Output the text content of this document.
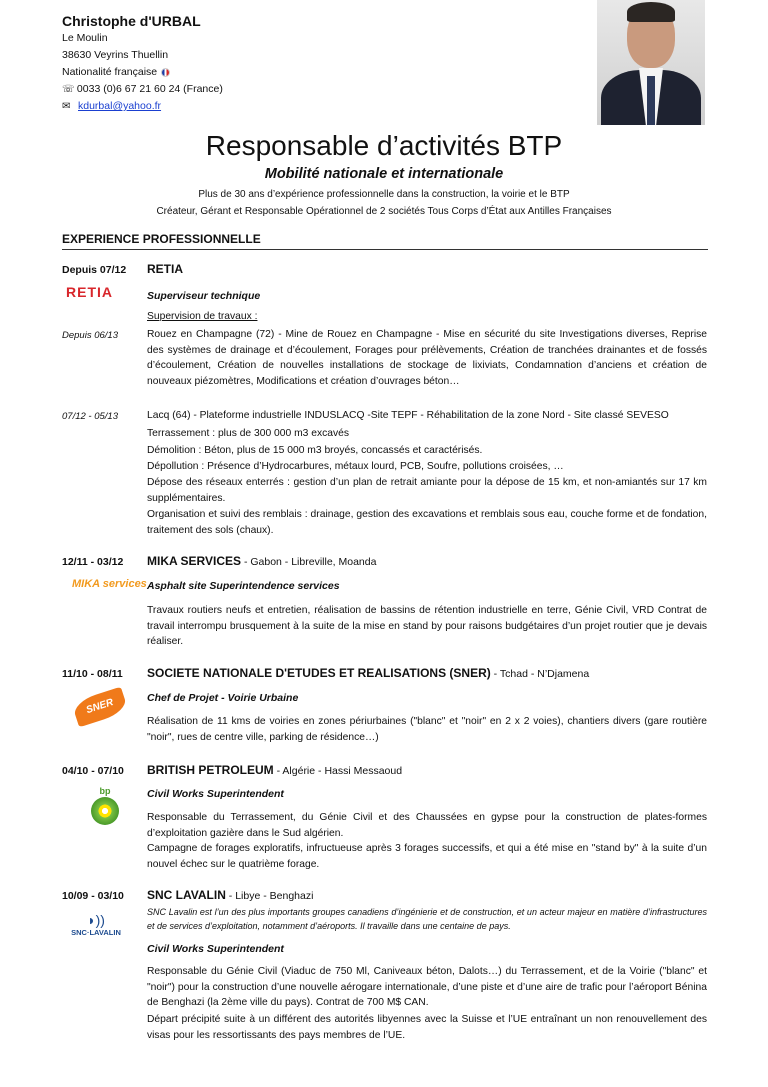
Christophe d'URBAL
Le Moulin
38630 Veyrins Thuellin
Nationalité française
☏ 0033 (0)6 67 21 60 24 (France)
✉ kdurbal@yahoo.fr
Responsable d’activités BTP
Mobilité nationale et internationale
Plus de 30 ans d’expérience professionnelle dans la construction, la voirie et le BTP
Créateur, Gérant et Responsable Opérationnel de 2 sociétés Tous Corps d’État aux Antilles Françaises
EXPERIENCE PROFESSIONNELLE
Depuis 07/12 RETIA
RETIA	Superviseur technique
Supervision de travaux :
Depuis 06/13	Rouez en Champagne (72) - Mine de Rouez en Champagne - Mise en sécurité du site Investigations diverses, Reprise des systèmes de drainage et d’écoulement, Forages pour prélèvements, Création de tranchées drainantes et de fossés d’écoulement, Création de nouvelles installations de stockage de lixiviats, Condamnation d’anciens et création de nouveaux piézomètres, Modifications et création d’ouvrages béton…
07/12 - 05/13	Lacq (64) - Plateforme industrielle INDUSLACQ -Site TEPF - Réhabilitation de la zone Nord - Site classé SEVESO
Terrassement : plus de 300 000 m3 excavés
Démolition : Béton, plus de 15 000 m3 broyés, concassés et caractérisés.
Dépollution : Présence d’Hydrocarbures, métaux lourd, PCB, Soufre, pollutions croisées, …
Dépose des réseaux enterrés : gestion d’un plan de retrait amiante pour la dépose de 15 km, et non-amiantés sur 17 km supplémentaires.
Organisation et suivi des remblais : drainage, gestion des excavations et remblais sous eau, couche forme et de fondation, traitement des sols (chaux).
12/11 - 03/12 MIKA SERVICES - Gabon - Libreville, Moanda
MIKA services Asphalt site Superintendence services
Travaux routiers neufs et entretien, réalisation de bassins de rétention industrielle en terre, Génie Civil, VRD Contrat de travail interrompu brusquement à la suite de la mise en stand by pour raisons budgétaires d’un projet routier que je devais réaliser.
11/10 - 08/11 SOCIETE NATIONALE D'ETUDES ET REALISATIONS (SNER) - Tchad - N’Djamena
SNER	Chef de Projet - Voirie Urbaine
Réalisation de 11 kms de voiries en zones périurbaines ("blanc" et "noir" en 2 x 2 voies), chantiers divers (gare routière "noir", rues de centre ville, parking de résidence…)
04/10 - 07/10 BRITISH PETROLEUM - Algérie - Hassi Messaoud
bp	Civil Works Superintendent
Responsable du Terrassement, du Génie Civil et des Chaussées en gypse pour la construction de plates-formes d’exploitation gazière dans le Sud algérien.
Campagne de forages exploratifs, infructueuse après 3 forages successifs, et qui a été mise en "stand by" à la suite d’un nouvel échec sur le quatrième forage.
10/09 - 03/10 SNC LAVALIN - Libye - Benghazi
◗))
SNC·LAVALIN
SNC Lavalin est l’un des plus importants groupes canadiens d’ingénierie et de construction, et un acteur majeur en matière d’infrastructures et de services d’exploitation, notamment d’aéroports. Il travaille dans une centaine de pays.
Civil Works Superintendent
Responsable du Génie Civil (Viaduc de 750 Ml, Caniveaux béton, Dalots…) du Terrassement, et de la Voirie ("blanc" et "noir") pour la construction d’une nouvelle aérogare internationale, d’une piste et d’une aire de trafic pour l’aéroport Bénina de Benghazi (la 2ème ville du pays). Contrat de 700 M$ CAN.
Départ précipité suite à un différent des autorités libyennes avec la Suisse et l’UE entraînant un non renouvellement des visas pour les ressortissants des pays membres de l’UE.
